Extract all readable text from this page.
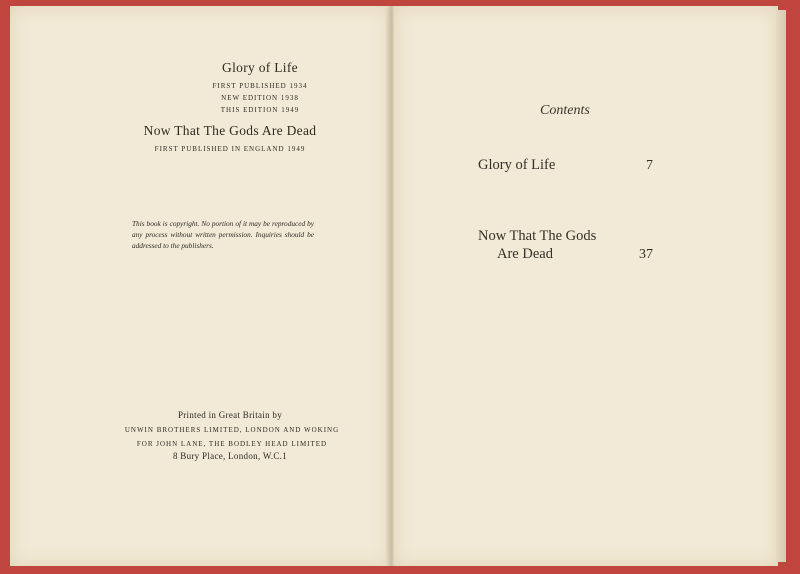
Glory of Life
FIRST PUBLISHED 1934
NEW EDITION 1938
THIS EDITION 1949
Now That The Gods Are Dead
FIRST PUBLISHED IN ENGLAND 1949
This book is copyright. No portion of it may be reproduced by any process without written permission. Inquiries should be addressed to the publishers.
Printed in Great Britain by
UNWIN BROTHERS LIMITED, LONDON AND WOKING
FOR JOHN LANE, THE BODLEY HEAD LIMITED
8 Bury Place, London, W.C.1
Contents
Glory of Life	7
Now That The Gods
Are Dead	37
